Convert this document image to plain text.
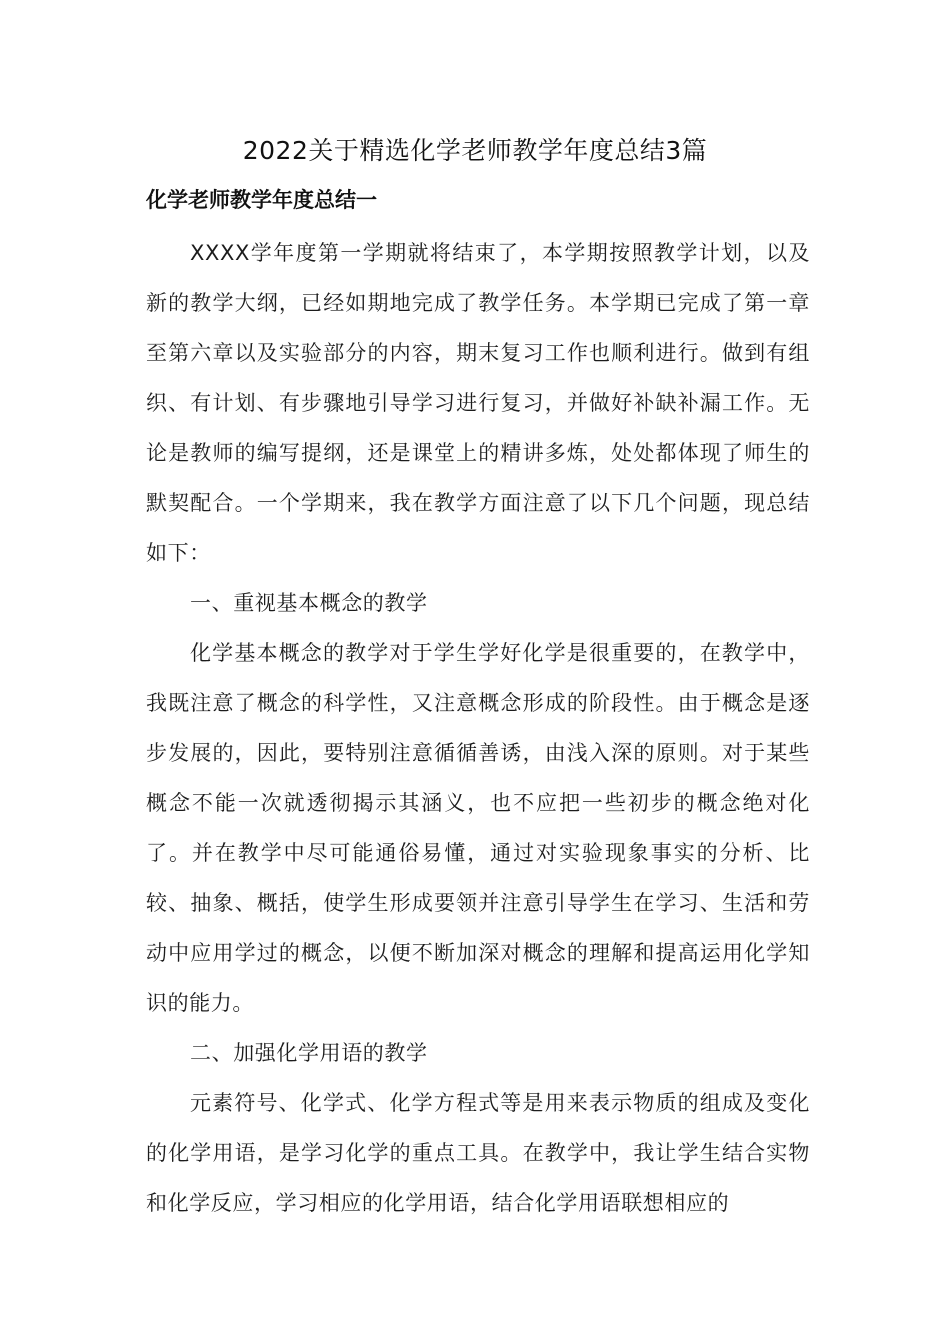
2022关于精选化学老师教学年度总结3篇
化学老师教学年度总结一

XXXX学年度第一学期就将结束了，本学期按照教学计划，以及新的教学大纲，已经如期地完成了教学任务。本学期已完成了第一章至第六章以及实验部分的内容，期末复习工作也顺利进行。做到有组织、有计划、有步骤地引导学习进行复习，并做好补缺补漏工作。无论是教师的编写提纲，还是课堂上的精讲多炼，处处都体现了师生的默契配合。一个学期来，我在教学方面注意了以下几个问题，现总结如下：

一、重视基本概念的教学

化学基本概念的教学对于学生学好化学是很重要的，在教学中，我既注意了概念的科学性，又注意概念形成的阶段性。由于概念是逐步发展的，因此，要特别注意循循善诱，由浅入深的原则。对于某些概念不能一次就透彻揭示其涵义，也不应把一些初步的概念绝对化了。并在教学中尽可能通俗易懂，通过对实验现象事实的分析、比较、抽象、概括，使学生形成要领并注意引导学生在学习、生活和劳动中应用学过的概念，以便不断加深对概念的理解和提高运用化学知识的能力。

二、加强化学用语的教学

元素符号、化学式、化学方程式等是用来表示物质的组成及变化的化学用语，是学习化学的重点工具。在教学中，我让学生结合实物和化学反应，学习相应的化学用语，结合化学用语联想相应的
